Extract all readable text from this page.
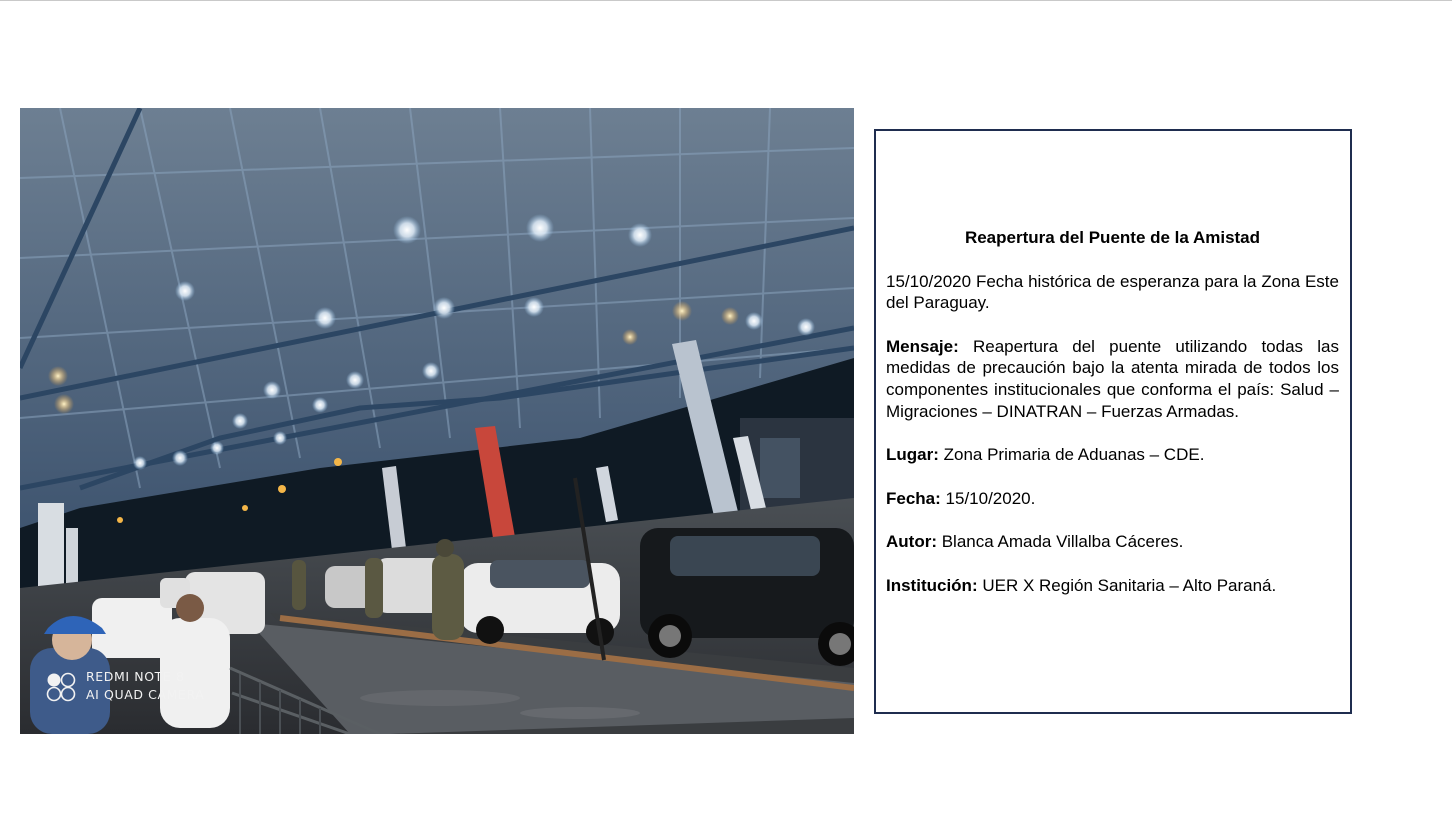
REDMI NOTE 8
AI QUAD CAMERA
Reapertura del Puente de la Amistad
15/10/2020 Fecha histórica de esperanza para la Zona Este del Paraguay.
Mensaje: Reapertura del puente utilizando todas las medidas de precaución bajo la atenta mirada de todos los componentes institucionales que conforma el país: Salud – Migraciones – DINATRAN – Fuerzas Armadas.
Lugar: Zona Primaria de Aduanas – CDE.
Fecha: 15/10/2020.
Autor: Blanca Amada Villalba Cáceres.
Institución: UER X Región Sanitaria – Alto Paraná.
